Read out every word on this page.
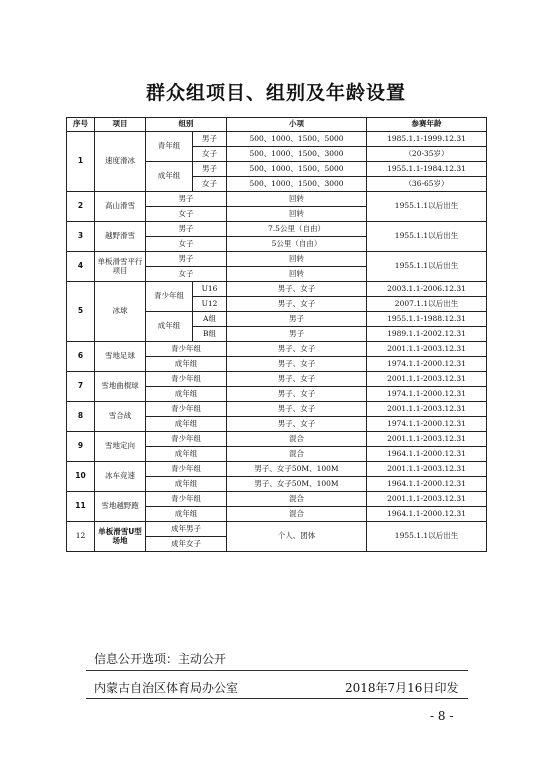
群众组项目、组别及年龄设置
序号	项目	组别		小项	参赛年龄
1	速度滑冰	青年组	男子	500、1000、1500、5000	1985.1.1-1999.12.31
			女子	500、1000、1500、3000	（20-35岁）
		成年组	男子	500、1000、1500、5000	1955.1.1-1984.12.31
			女子	500、1000、1500、3000	（36-65岁）
2	高山滑雪	男子		回转	1955.1.1以后出生
		女子		回转	
3	越野滑雪	男子		7.5公里（自由）	1955.1.1以后出生
		女子		5公里（自由）	
4	单板滑雪平行项目	男子		回转	1955.1.1以后出生
		女子		回转	
5	冰球	青少年组	U16	男子、女子	2003.1.1-2006.12.31
			U12	男子、女子	2007.1.1以后出生
		成年组	A组	男子	1955.1.1-1988.12.31
			B组	男子	1989.1.1-2002.12.31
6	雪地足球	青少年组		男子、女子	2001.1.1-2003.12.31
		成年组		男子、女子	1974.1.1-2000.12.31
7	雪地曲棍球	青少年组		男子、女子	2001.1.1-2003.12.31
		成年组		男子、女子	1974.1.1-2000.12.31
8	雪合战	青少年组		男子、女子	2001.1.1-2003.12.31
		成年组		男子、女子	1974.1.1-2000.12.31
9	雪地定向	青少年组		混合	2001.1.1-2003.12.31
		成年组		混合	1964.1.1-2000.12.31
10	冰车竞速	青少年组		男子、女子50M、100M	2001.1.1-2003.12.31
		成年组		男子、女子50M、100M	1964.1.1-2000.12.31
11	雪地越野跑	青少年组		混合	2001.1.1-2003.12.31
		成年组		混合	1964.1.1-2000.12.31
12	单板滑雪U型场地	成年男子		个人、团体	1955.1.1以后出生
		成年女子			
信息公开选项：主动公开
内蒙古自治区体育局办公室	2018年7月16日印发
- 8 -
